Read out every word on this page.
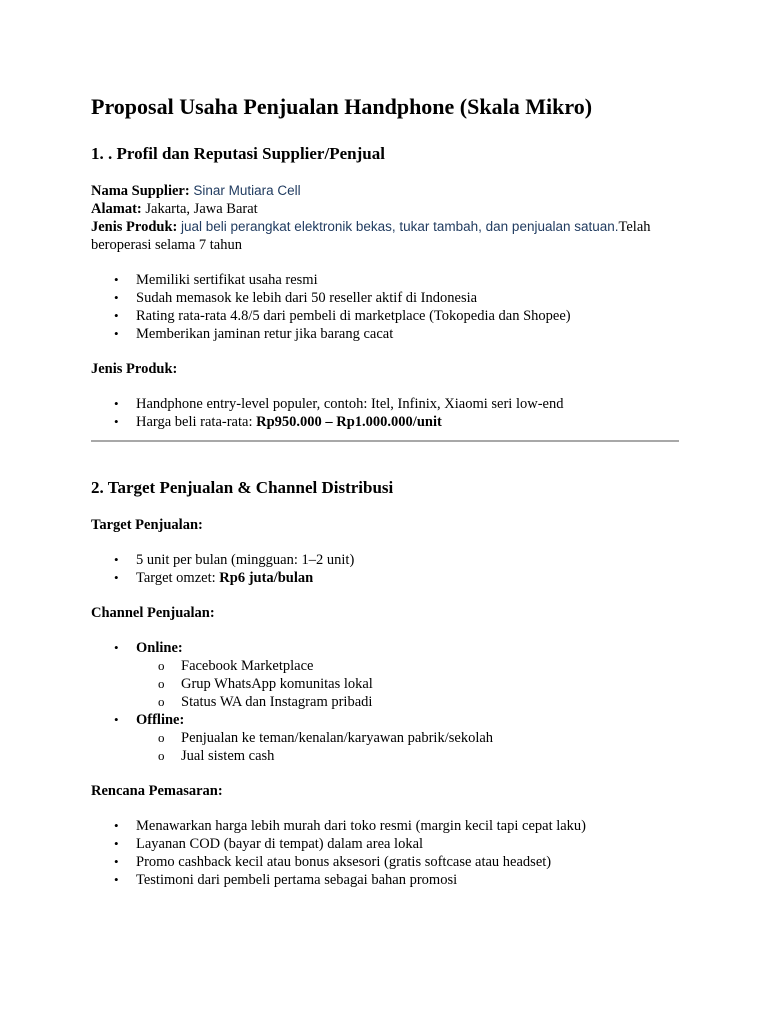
Proposal Usaha Penjualan Handphone (Skala Mikro)
1. . Profil dan Reputasi Supplier/Penjual

Nama Supplier: Sinar Mutiara Cell

Alamat: Jakarta, Jawa Barat

Jenis Produk: jual beli perangkat elektronik bekas, tukar tambah, dan penjualan satuan.Telah beroperasi selama 7 tahun

• Memiliki sertifikat usaha resmi
• Sudah memasok ke lebih dari 50 reseller aktif di Indonesia
• Rating rata-rata 4.8/5 dari pembeli di marketplace (Tokopedia dan Shopee)
• Memberikan jaminan retur jika barang cacat

Jenis Produk:

• Handphone entry-level populer, contoh: Itel, Infinix, Xiaomi seri low-end
• Harga beli rata-rata: Rp950.000 – Rp1.000.000/unit
2. Target Penjualan & Channel Distribusi

Target Penjualan:

• 5 unit per bulan (mingguan: 1–2 unit)
• Target omzet: Rp6 juta/bulan

Channel Penjualan:

• Online:
o Facebook Marketplace
o Grup WhatsApp komunitas lokal
o Status WA dan Instagram pribadi
• Offline:
o Penjualan ke teman/kenalan/karyawan pabrik/sekolah
o Jual sistem cash

Rencana Pemasaran:

• Menawarkan harga lebih murah dari toko resmi (margin kecil tapi cepat laku)
• Layanan COD (bayar di tempat) dalam area lokal
• Promo cashback kecil atau bonus aksesori (gratis softcase atau headset)
• Testimoni dari pembeli pertama sebagai bahan promosi
